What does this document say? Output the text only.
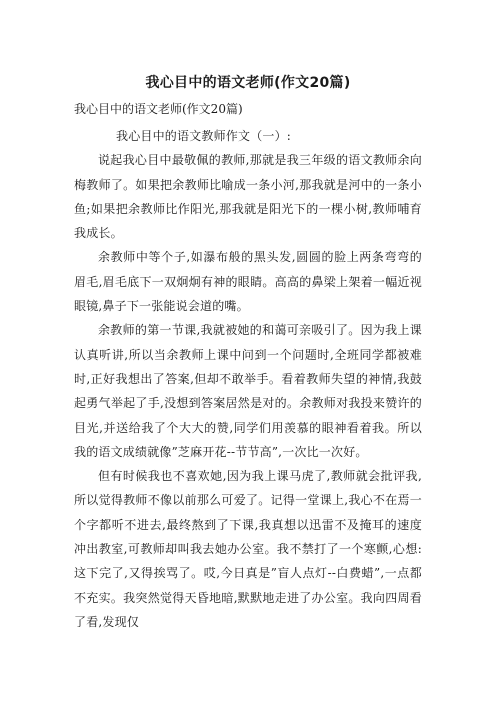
我心目中的语文老师(作文20篇)
我心目中的语文老师(作文20篇)

我心目中的语文教师作文（一）:

说起我心目中最敬佩的教师,那就是我三年级的语文教师余向梅教师了。如果把余教师比喻成一条小河,那我就是河中的一条小鱼;如果把余教师比作阳光,那我就是阳光下的一棵小树,教师哺育我成长。

余教师中等个子,如瀑布般的黑头发,圆圆的脸上两条弯弯的眉毛,眉毛底下一双炯炯有神的眼睛。高高的鼻梁上架着一幅近视眼镜,鼻子下一张能说会道的嘴。

余教师的第一节课,我就被她的和蔼可亲吸引了。因为我上课认真听讲,所以当余教师上课中问到一个问题时,全班同学都被难时,正好我想出了答案,但却不敢举手。看着教师失望的神情,我鼓起勇气举起了手,没想到答案居然是对的。余教师对我投来赞许的目光,并送给我了个大大的赞,同学们用羡慕的眼神看着我。所以我的语文成绩就像”芝麻开花--节节高”,一次比一次好。

但有时候我也不喜欢她,因为我上课马虎了,教师就会批评我,所以觉得教师不像以前那么可爱了。记得一堂课上,我心不在焉一个字都听不进去,最终熬到了下课,我真想以迅雷不及掩耳的速度冲出教室,可教师却叫我去她办公室。我不禁打了一个寒颤,心想:这下完了,又得挨骂了。哎,今日真是”盲人点灯--白费蜡”,一点都不充实。我突然觉得天昏地暗,默默地走进了办公室。我向四周看了看,发现仅
